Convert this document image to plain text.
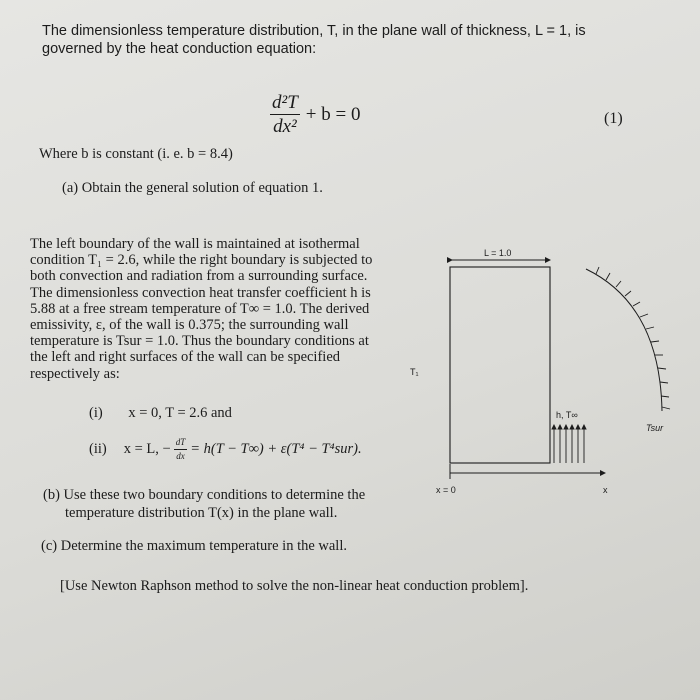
The dimensionless temperature distribution, T, in the plane wall of thickness, L = 1, is
governed by the heat conduction equation:
$\frac{\text{d²T}}{\text{dx²}} + b = 0$	(1)
Where b is constant (i. e. b = 8.4)
(a) Obtain the general solution of equation 1.
The left boundary of the wall is maintained at isothermal
condition T₁ = 2.6, while the right boundary is subjected to
both convection and radiation from a surrounding surface.
The dimensionless convection heat transfer coefficient h is
5.88 at a free stream temperature of T∞ = 1.0. The derived
emissivity, ε, of the wall is 0.375; the surrounding wall
temperature is Tsur = 1.0. Thus the boundary conditions at
the left and right surfaces of the wall can be specified
respectively as:
(i) x = 0, T = 2.6 and
(ii) x = L, − $\frac{dT}{dx} = h(T - T\infty) + \varepsilon(T^4 - T^4sur)$.
(b) Use these two boundary conditions to determine the
temperature distribution T(x) in the plane wall.
(c) Determine the maximum temperature in the wall.
[Use Newton Raphson method to solve the non-linear heat conduction problem].
L = 1.0
T₁
h, T∞
Tsur
x = 0	x
